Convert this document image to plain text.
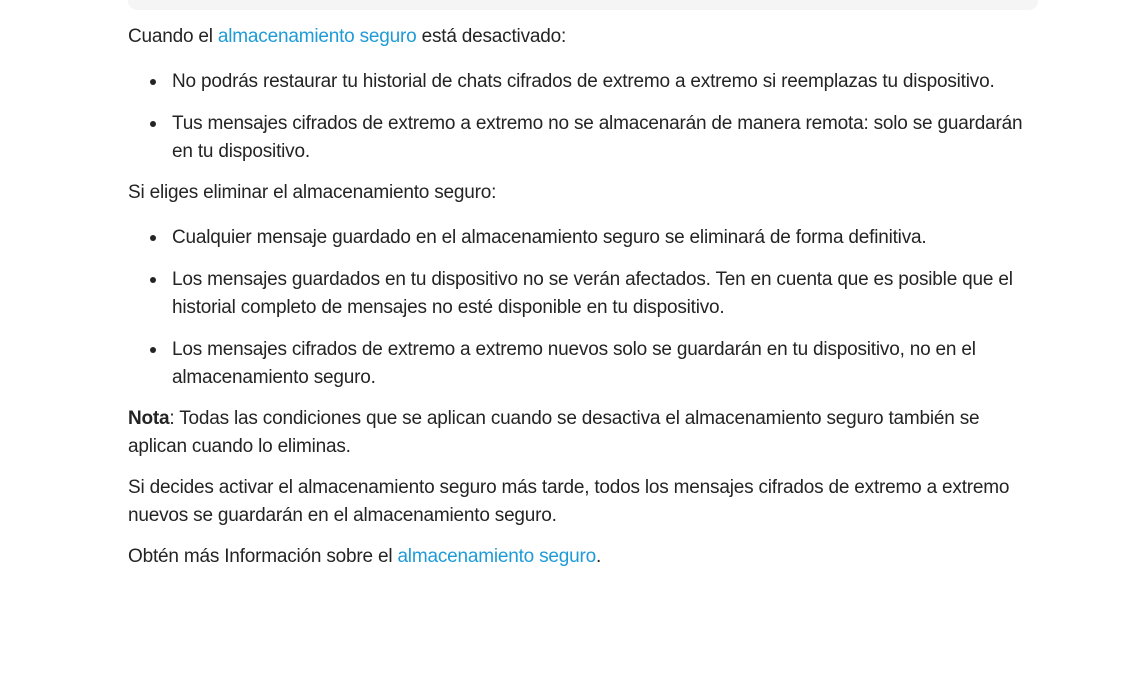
Cuando el almacenamiento seguro está desactivado:

No podrás restaurar tu historial de chats cifrados de extremo a extremo si reemplazas tu dispositivo.
Tus mensajes cifrados de extremo a extremo no se almacenarán de manera remota: solo se guardarán en tu dispositivo.

Si eliges eliminar el almacenamiento seguro:

Cualquier mensaje guardado en el almacenamiento seguro se eliminará de forma definitiva.
Los mensajes guardados en tu dispositivo no se verán afectados. Ten en cuenta que es posible que el historial completo de mensajes no esté disponible en tu dispositivo.
Los mensajes cifrados de extremo a extremo nuevos solo se guardarán en tu dispositivo, no en el almacenamiento seguro.

Nota: Todas las condiciones que se aplican cuando se desactiva el almacenamiento seguro también se aplican cuando lo eliminas.

Si decides activar el almacenamiento seguro más tarde, todos los mensajes cifrados de extremo a extremo nuevos se guardarán en el almacenamiento seguro.

Obtén más Información sobre el almacenamiento seguro.
